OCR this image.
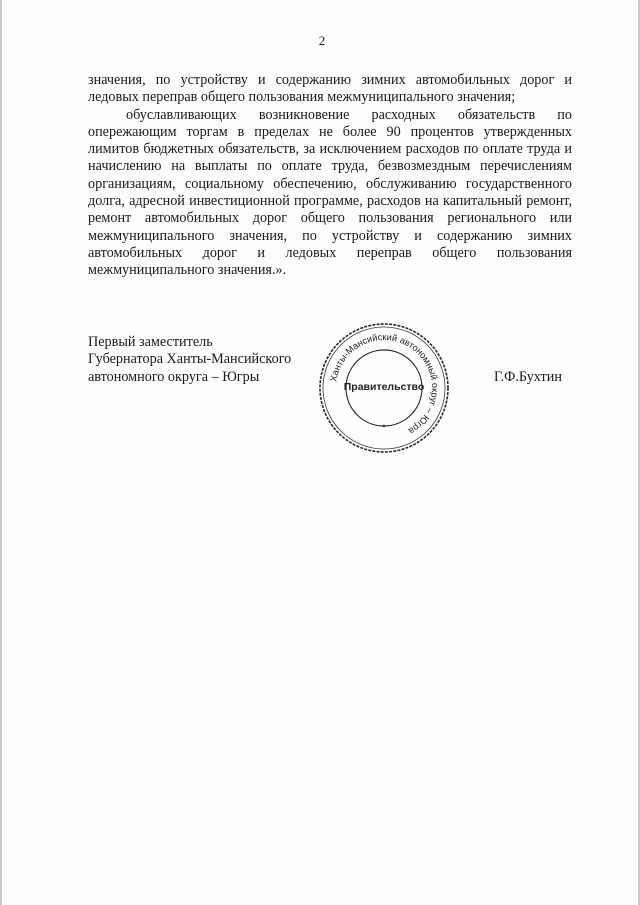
2

значения, по устройству и содержанию зимних автомобильных дорог и ледовых переправ общего пользования межмуниципального значения;

обуславливающих возникновение расходных обязательств по опережающим торгам в пределах не более 90 процентов утвержденных лимитов бюджетных обязательств, за исключением расходов по оплате труда и начислению на выплаты по оплате труда, безвозмездным перечислениям организациям, социальному обеспечению, обслуживанию государственного долга, адресной инвестиционной программе, расходов на капитальный ремонт, ремонт автомобильных дорог общего пользования регионального или межмуниципального значения, по устройству и содержанию зимних автомобильных дорог и ледовых переправ общего пользования межмуниципального значения.».

Первый заместитель
Губернатора Ханты-Мансийского
автономного округа – Югры	Ханты-Мансийский автономный округ – Югра
Правительство
Г.Ф.Бухтин
